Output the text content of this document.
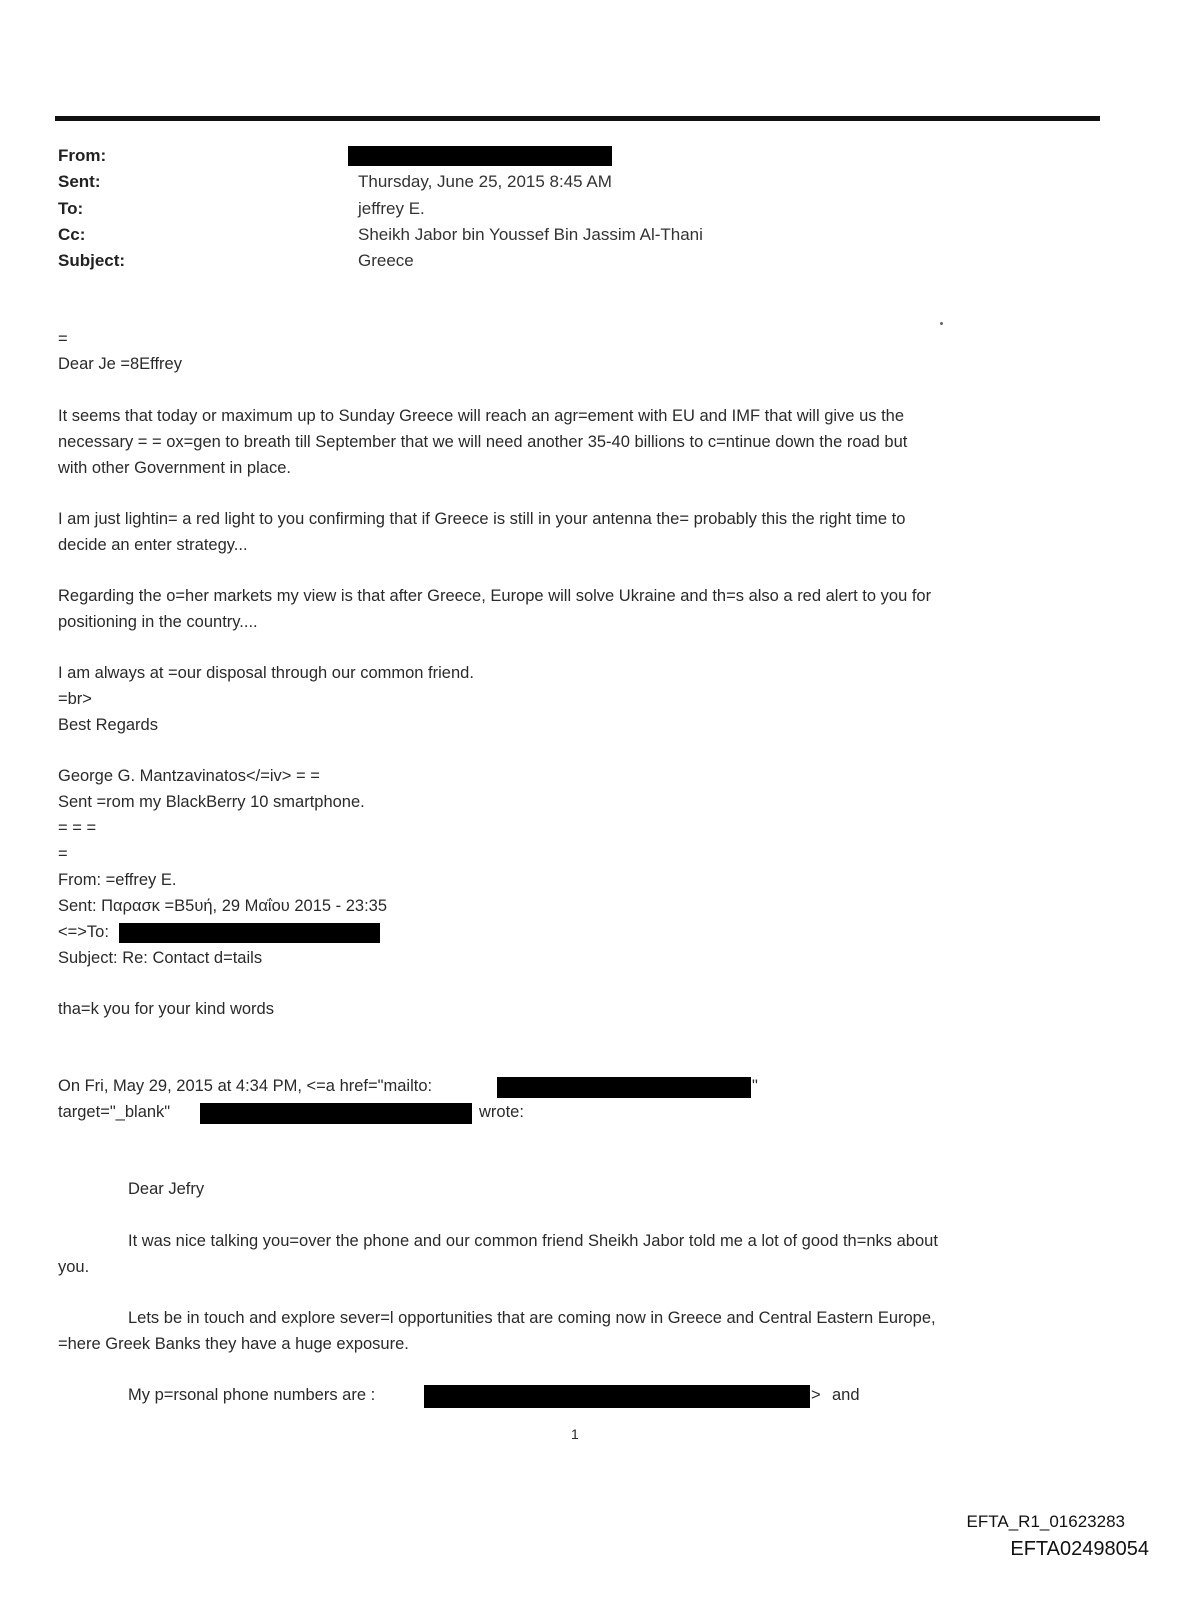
From:
Sent:	Thursday, June 25, 2015 8:45 AM
To:	jeffrey E.
Cc:	Sheikh Jabor bin Youssef Bin Jassim Al-Thani
Subject:	Greece
=
Dear Je =8Effrey
It seems that today or maximum up to Sunday Greece will reach an agr=ement with EU and IMF that will give us the
necessary = = ox=gen to breath till September that we will need another 35-40 billions to c=ntinue down the road but
with other Government in place.
I am just lightin= a red light to you confirming that if Greece is still in your antenna the= probably this the right time to
decide an enter strategy...
Regarding the o=her markets my view is that after Greece, Europe will solve Ukraine and th=s also a red alert to you for
positioning in the country....
I am always at =our disposal through our common friend.
=br>
Best Regards
George G. Mantzavinatos</=iv> = =
Sent =rom my BlackBerry 10 smartphone.
= = =
=
From: =effrey E.
Sent: Παρασκ =Β5υή, 29 Μαΐου 2015 - 23:35
<=>To:
Subject: Re: Contact d=tails
tha=k you for your kind words
On Fri, May 29, 2015 at 4:34 PM, <=a href="mailto:	"
target="_blank"	wrote:
Dear Jefry
It was nice talking you=over the phone and our common friend Sheikh Jabor told me a lot of good th=nks about
you.
Lets be in touch and explore sever=l opportunities that are coming now in Greece and Central Eastern Europe,
=here Greek Banks they have a huge exposure.
My p=rsonal phone numbers are :	> and
1
EFTA_R1_01623283
EFTA02498054
